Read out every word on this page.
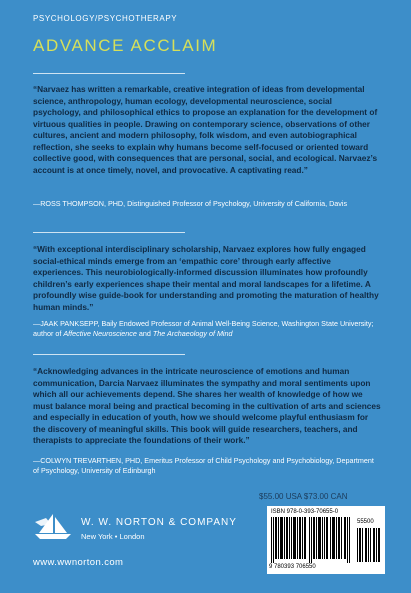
PSYCHOLOGY/PSYCHOTHERAPY
ADVANCE ACCLAIM

“Narvaez has written a remarkable, creative integration of ideas from developmental science, anthropology, human ecology, developmental neuroscience, social psychology, and philosophical ethics to propose an explanation for the development of virtuous qualities in people. Drawing on contemporary science, observations of other cultures, ancient and modern philosophy, folk wisdom, and even autobiographical reflection, she seeks to explain why humans become self-focused or oriented toward collective good, with consequences that are personal, social, and ecological. Narvaez’s account is at once timely, novel, and provocative. A captivating read.”

—ROSS THOMPSON, PHD, Distinguished Professor of Psychology, University of California, Davis

“With exceptional interdisciplinary scholarship, Narvaez explores how fully engaged social-ethical minds emerge from an ‘empathic core’ through early affective experiences. This neurobiologically-informed discussion illuminates how profoundly children’s early experiences shape their mental and moral landscapes for a lifetime. A profoundly wise guide-book for understanding and promoting the maturation of healthy human minds.”

—JAAK PANKSEPP, Baily Endowed Professor of Animal Well-Being Science, Washington State University; author of Affective Neuroscience and The Archaeology of Mind

“Acknowledging advances in the intricate neuroscience of emotions and human communication, Darcia Narvaez illuminates the sympathy and moral sentiments upon which all our achievements depend. She shares her wealth of knowledge of how we must balance moral being and practical becoming in the cultivation of arts and sciences and especially in education of youth, how we should welcome playful enthusiasm for the discovery of meaningful skills. This book will guide researchers, teachers, and therapists to appreciate the foundations of their work.”

—COLWYN TREVARTHEN, PHD, Emeritus Professor of Child Psychology and Psychobiology, Department of Psychology, University of Edinburgh
$55.00 USA $73.00 CAN
ISBN 978-0-393-70655-0
55500
9 780393 706550
W. W. NORTON & COMPANY
New York • London
www.wwnorton.com
